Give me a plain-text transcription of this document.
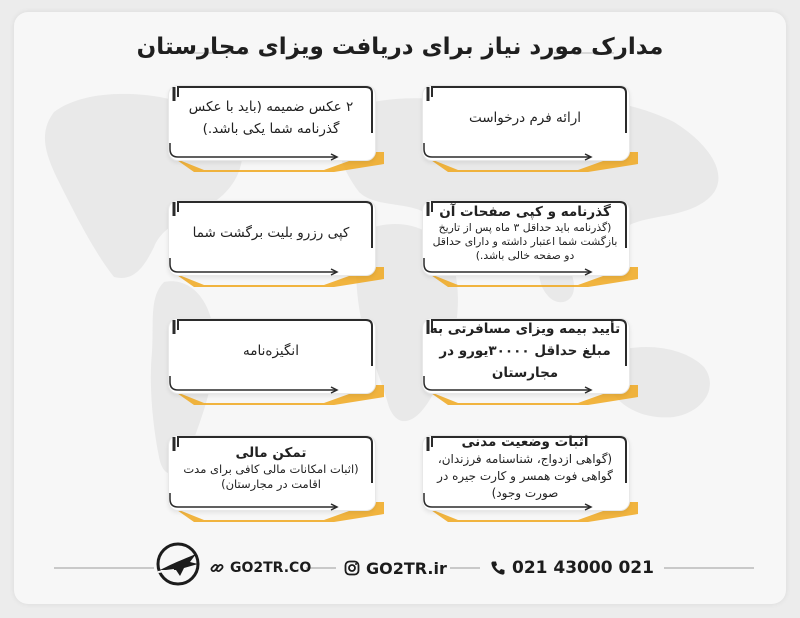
مدارک مورد نیاز برای دریافت ویزای مجارستان
ارائه فرم درخواست
۲ عکس ضمیمه (باید با عکس گذرنامه شما یکی باشد.)
گذرنامه و کپی صفحات آن
(گذرنامه باید حداقل ۳ ماه پس از تاریخ بازگشت شما اعتبار داشته و دارای حداقل دو صفحه خالی باشد.)
کپی رزرو بلیت برگشت شما
تأیید بیمه ویزای مسافرتی به مبلغ حداقل ۳۰۰۰۰یورو در مجارستان
انگیزه‌نامه
اثبات وضعیت مدنی
(گواهی ازدواج، شناسنامه فرزندان، گواهی فوت همسر و کارت جیره در صورت وجود)
تمکن مالی
(اثبات امکانات مالی کافی برای مدت اقامت در مجارستان)
GO2TR.CO	GO2TR.ir	021 43000 021
